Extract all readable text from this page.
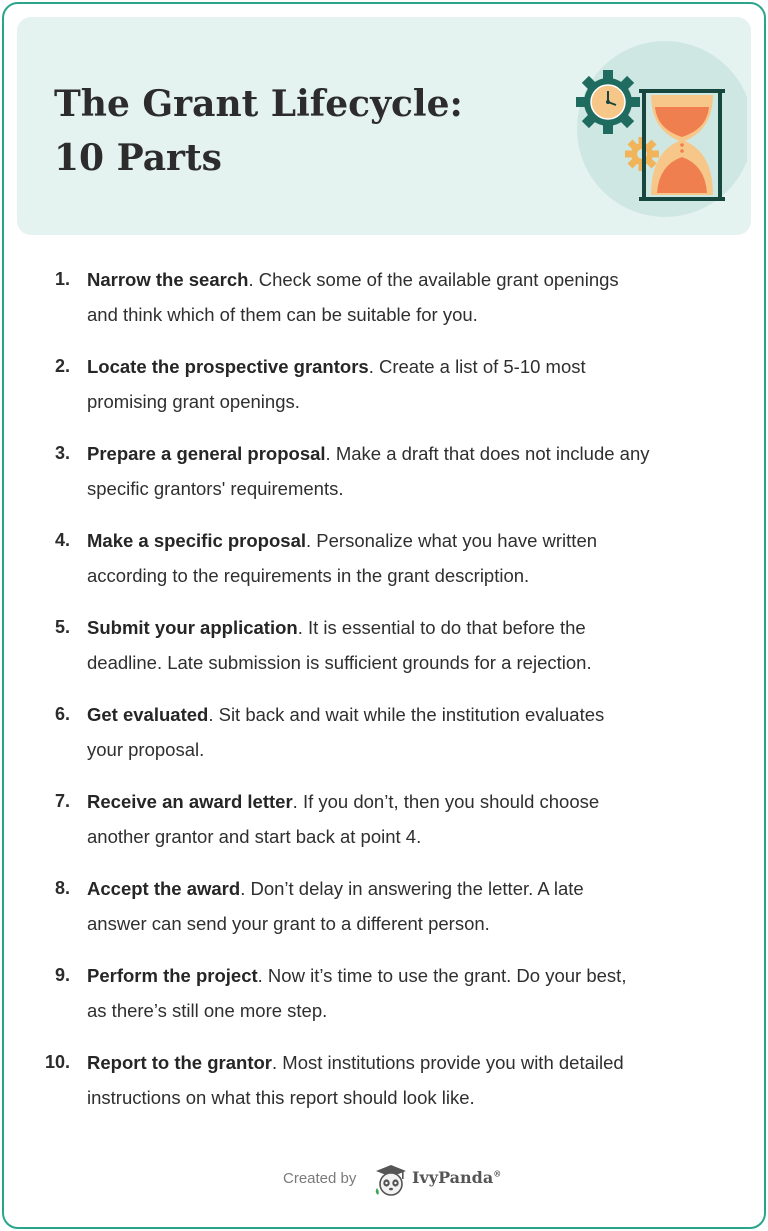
The Grant Lifecycle:
10 Parts
1. Narrow the search. Check some of the available grant openings
and think which of them can be suitable for you.

2. Locate the prospective grantors. Create a list of 5-10 most
promising grant openings.

3. Prepare a general proposal. Make a draft that does not include any
specific grantors' requirements.

4. Make a specific proposal. Personalize what you have written
according to the requirements in the grant description.

5. Submit your application. It is essential to do that before the
deadline. Late submission is sufficient grounds for a rejection.

6. Get evaluated. Sit back and wait while the institution evaluates
your proposal.

7. Receive an award letter. If you don’t, then you should choose
another grantor and start back at point 4.

8. Accept the award. Don’t delay in answering the letter. A late
answer can send your grant to a different person.

9. Perform the project. Now it’s time to use the grant. Do your best,
as there’s still one more step.

10. Report to the grantor. Most institutions provide you with detailed
instructions on what this report should look like.

Created by	IvyPanda®
